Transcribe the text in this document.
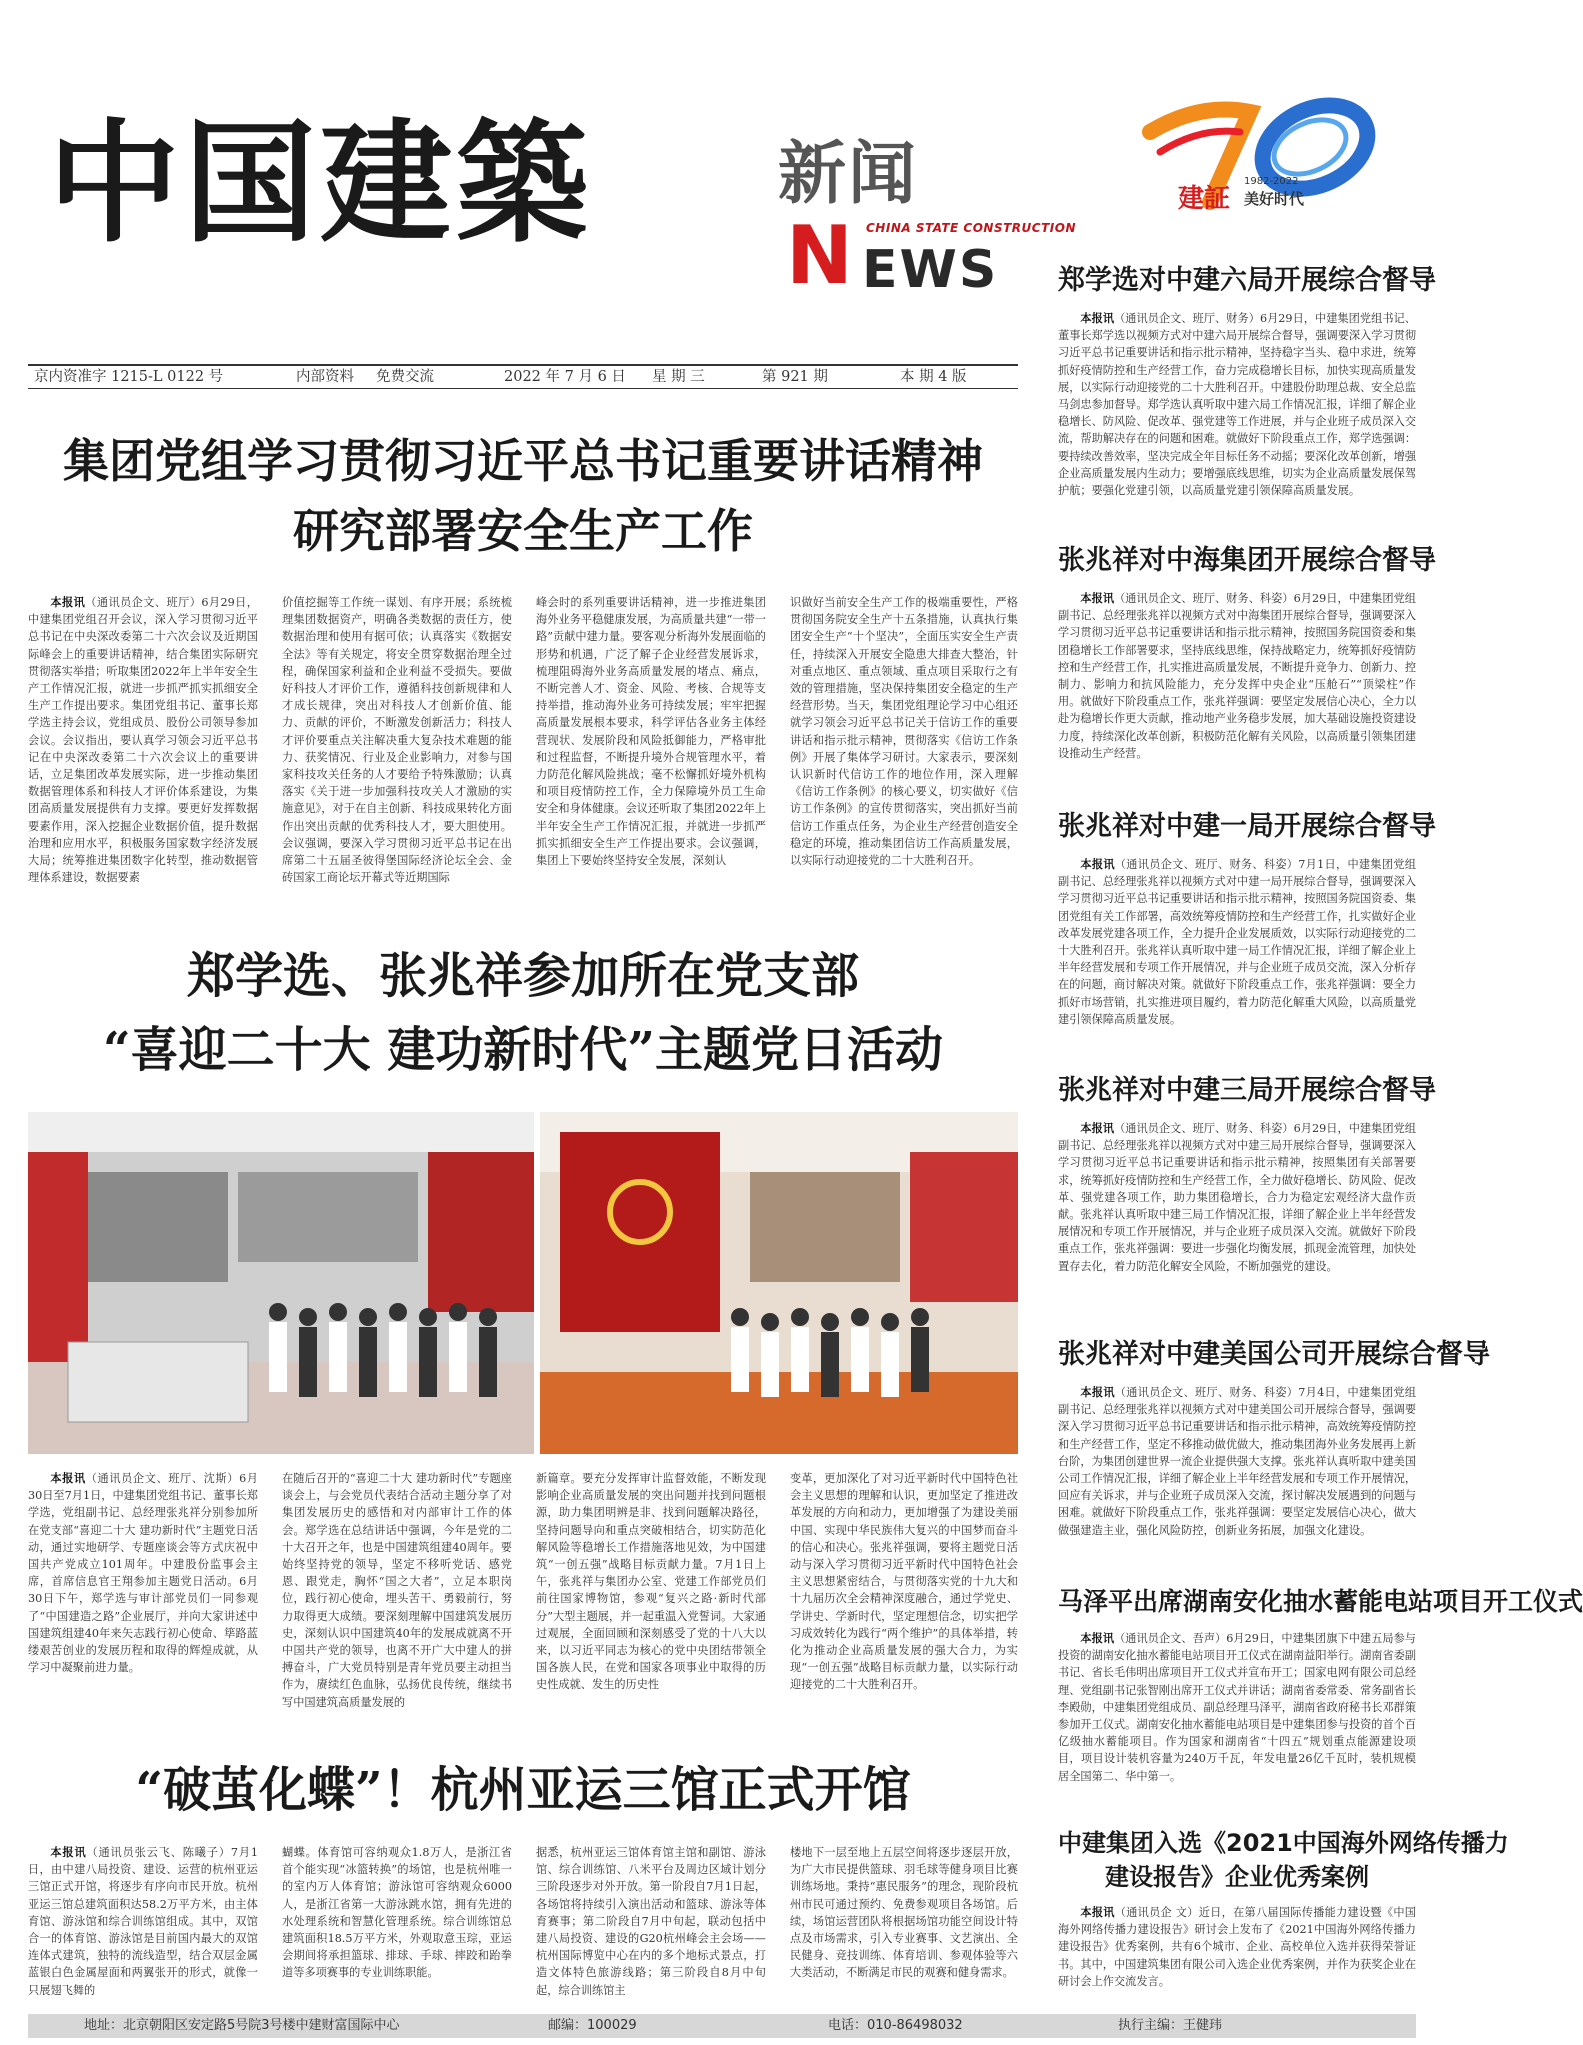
中国建築	新闻
CHINA STATE CONSTRUCTION
N EWS
建証
1982-2022
美好时代
京内资准字 1215-L 0122 号	内部资料 免费交流	2022 年 7 月 6 日 星 期 三	第 921 期	本 期 4 版
集团党组学习贯彻习近平总书记重要讲话精神
研究部署安全生产工作

本报讯（通讯员企文、班厅）6月29日，中建集团党组召开会议，深入学习贯彻习近平总书记在中央深改委第二十六次会议及近期国际峰会上的重要讲话精神，结合集团实际研究贯彻落实举措；听取集团2022年上半年安全生产工作情况汇报，就进一步抓严抓实抓细安全生产工作提出要求。集团党组书记、董事长郑学选主持会议，党组成员、股份公司领导参加会议。会议指出，要认真学习领会习近平总书记在中央深改委第二十六次会议上的重要讲话，立足集团改革发展实际，进一步推动集团数据管理体系和科技人才评价体系建设，为集团高质量发展提供有力支撑。要更好发挥数据要素作用，深入挖掘企业数据价值，提升数据治理和应用水平，积极服务国家数字经济发展大局；统筹推进集团数字化转型，推动数据管理体系建设，数据要素

价值挖掘等工作统一谋划、有序开展；系统梳理集团数据资产，明确各类数据的责任方，使数据治理和使用有据可依；认真落实《数据安全法》等有关规定，将安全贯穿数据治理全过程，确保国家利益和企业利益不受损失。要做好科技人才评价工作，遵循科技创新规律和人才成长规律，突出对科技人才创新价值、能力、贡献的评价，不断激发创新活力；科技人才评价要重点关注解决重大复杂技术难题的能力、获奖情况、行业及企业影响力，对参与国家科技攻关任务的人才要给予特殊激励；认真落实《关于进一步加强科技攻关人才激励的实施意见》，对于在自主创新、科技成果转化方面作出突出贡献的优秀科技人才，要大胆使用。会议强调，要深入学习贯彻习近平总书记在出席第二十五届圣彼得堡国际经济论坛全会、金砖国家工商论坛开幕式等近期国际

峰会时的系列重要讲话精神，进一步推进集团海外业务平稳健康发展，为高质量共建“一带一路”贡献中建力量。要客观分析海外发展面临的形势和机遇，广泛了解子企业经营发展诉求，梳理阻碍海外业务高质量发展的堵点、痛点，不断完善人才、资金、风险、考核、合规等支持举措，推动海外业务可持续发展；牢牢把握高质量发展根本要求，科学评估各业务主体经营现状、发展阶段和风险抵御能力，严格审批和过程监督，不断提升境外合规管理水平，着力防范化解风险挑战；毫不松懈抓好境外机构和项目疫情防控工作，全力保障境外员工生命安全和身体健康。会议还听取了集团2022年上半年安全生产工作情况汇报，并就进一步抓严抓实抓细安全生产工作提出要求。会议强调，集团上下要始终坚持安全发展，深刻认

识做好当前安全生产工作的极端重要性，严格贯彻国务院安全生产十五条措施，认真执行集团安全生产“十个坚决”，全面压实安全生产责任，持续深入开展安全隐患大排查大整治，针对重点地区、重点领域、重点项目采取行之有效的管理措施，坚决保持集团安全稳定的生产经营形势。当天，集团党组理论学习中心组还就学习领会习近平总书记关于信访工作的重要讲话和指示批示精神，贯彻落实《信访工作条例》开展了集体学习研讨。大家表示，要深刻认识新时代信访工作的地位作用，深入理解《信访工作条例》的核心要义，切实做好《信访工作条例》的宣传贯彻落实，突出抓好当前信访工作重点任务，为企业生产经营创造安全稳定的环境，推动集团信访工作高质量发展，以实际行动迎接党的二十大胜利召开。

郑学选、张兆祥参加所在党支部
“喜迎二十大 建功新时代”主题党日活动

本报讯（通讯员企文、班厅、沈斯）6月30日至7月1日，中建集团党组书记、董事长郑学选，党组副书记、总经理张兆祥分别参加所在党支部“喜迎二十大 建功新时代”主题党日活动，通过实地研学、专题座谈会等方式庆祝中国共产党成立101周年。中建股份监事会主席，首席信息官王翔参加主题党日活动。6月30日下午，郑学选与审计部党员们一同参观了“中国建造之路”企业展厅，并向大家讲述中国建筑组建40年来矢志践行初心使命、筚路蓝缕艰苦创业的发展历程和取得的辉煌成就，从学习中凝聚前进力量。

在随后召开的“喜迎二十大 建功新时代”专题座谈会上，与会党员代表结合活动主题分享了对集团发展历史的感悟和对内部审计工作的体会。郑学选在总结讲话中强调，今年是党的二十大召开之年，也是中国建筑组建40周年。要始终坚持党的领导，坚定不移听党话、感党恩、跟党走，胸怀“国之大者”，立足本职岗位，践行初心使命，埋头苦干、勇毅前行，努力取得更大成绩。要深刻理解中国建筑发展历史，深刻认识中国建筑40年的发展成就离不开中国共产党的领导，也离不开广大中建人的拼搏奋斗，广大党员特别是青年党员要主动担当作为，赓续红色血脉，弘扬优良传统，继续书写中国建筑高质量发展的

新篇章。要充分发挥审计监督效能，不断发现影响企业高质量发展的突出问题并找到问题根源，助力集团明辨是非、找到问题解决路径，坚持问题导向和重点突破相结合，切实防范化解风险等稳增长工作措施落地见效，为中国建筑“一创五强”战略目标贡献力量。7月1日上午，张兆祥与集团办公室、党建工作部党员们前往国家博物馆，参观“复兴之路·新时代部分”大型主题展，并一起重温入党誓词。大家通过观展，全面回顾和深刻感受了党的十八大以来，以习近平同志为核心的党中央团结带领全国各族人民，在党和国家各项事业中取得的历史性成就、发生的历史性

变革，更加深化了对习近平新时代中国特色社会主义思想的理解和认识，更加坚定了推进改革发展的方向和动力，更加增强了为建设美丽中国、实现中华民族伟大复兴的中国梦而奋斗的信心和决心。张兆祥强调，要将主题党日活动与深入学习贯彻习近平新时代中国特色社会主义思想紧密结合，与贯彻落实党的十九大和十九届历次全会精神深度融合，通过学党史、学讲史、学新时代，坚定理想信念，切实把学习成效转化为践行“两个维护”的具体举措，转化为推动企业高质量发展的强大合力，为实现“一创五强”战略目标贡献力量，以实际行动迎接党的二十大胜利召开。

“破茧化蝶”！杭州亚运三馆正式开馆

本报讯（通讯员张云飞、陈曦子）7月1日，由中建八局投资、建设、运营的杭州亚运三馆正式开馆，将逐步有序向市民开放。杭州亚运三馆总建筑面积达58.2万平方米，由主体育馆、游泳馆和综合训练馆组成。其中，双馆合一的体育馆、游泳馆是目前国内最大的双馆连体式建筑，独特的流线造型，结合双层金属蓝银白色金属屋面和两翼张开的形式，就像一只展翅飞舞的

蝴蝶。体育馆可容纳观众1.8万人，是浙江省首个能实现“冰篮转换”的场馆，也是杭州唯一的室内万人体育馆；游泳馆可容纳观众6000人，是浙江省第一大游泳跳水馆，拥有先进的水处理系统和智慧化管理系统。综合训练馆总建筑面积18.5万平方米，外观取意玉琮，亚运会期间将承担篮球、排球、手球、摔跤和跆拳道等多项赛事的专业训练职能。

据悉，杭州亚运三馆体育馆主馆和副馆、游泳馆、综合训练馆、八米平台及周边区域计划分三阶段逐步对外开放。第一阶段自7月1日起，各场馆将持续引入演出活动和篮球、游泳等体育赛事；第二阶段自7月中旬起，联动包括中建八局投资、建设的G20杭州峰会主会场——杭州国际博览中心在内的多个地标式景点，打造文体特色旅游线路；第三阶段自8月中旬起，综合训练馆主

楼地下一层至地上五层空间将逐步逐层开放，为广大市民提供篮球、羽毛球等健身项目比赛训练场地。秉持“惠民服务”的理念，现阶段杭州市民可通过预约、免费参观项目各场馆。后续，场馆运营团队将根据场馆功能空间设计特点及市场需求，引入专业赛事、文艺演出、全民健身、竞技训练、体育培训、参观体验等六大类活动，不断满足市民的观赛和健身需求。

郑学选对中建六局开展综合督导

本报讯（通讯员企文、班厅、财务）6月29日，中建集团党组书记、董事长郑学选以视频方式对中建六局开展综合督导，强调要深入学习贯彻习近平总书记重要讲话和指示批示精神，坚持稳字当头、稳中求进，统筹抓好疫情防控和生产经营工作，奋力完成稳增长目标，加快实现高质量发展，以实际行动迎接党的二十大胜利召开。中建股份助理总裁、安全总监马剑忠参加督导。郑学选认真听取中建六局工作情况汇报，详细了解企业稳增长、防风险、促改革、强党建等工作进展，并与企业班子成员深入交流，帮助解决存在的问题和困难。就做好下阶段重点工作，郑学选强调：要持续改善效率，坚决完成全年目标任务不动摇；要深化改革创新，增强企业高质量发展内生动力；要增强底线思维，切实为企业高质量发展保驾护航；要强化党建引领，以高质量党建引领保障高质量发展。

张兆祥对中海集团开展综合督导

本报讯（通讯员企文、班厅、财务、科姿）6月29日，中建集团党组副书记、总经理张兆祥以视频方式对中海集团开展综合督导，强调要深入学习贯彻习近平总书记重要讲话和指示批示精神，按照国务院国资委和集团稳增长工作部署要求，坚持底线思维，保持战略定力，统筹抓好疫情防控和生产经营工作，扎实推进高质量发展，不断提升竞争力、创新力、控制力、影响力和抗风险能力，充分发挥中央企业“压舱石”“顶梁柱”作用。就做好下阶段重点工作，张兆祥强调：要坚定发展信心决心，全力以赴为稳增长作更大贡献，推动地产业务稳步发展，加大基础设施投资建设力度，持续深化改革创新，积极防范化解有关风险，以高质量引领集团建设推动生产经营。

张兆祥对中建一局开展综合督导

本报讯（通讯员企文、班厅、财务、科姿）7月1日，中建集团党组副书记、总经理张兆祥以视频方式对中建一局开展综合督导，强调要深入学习贯彻习近平总书记重要讲话和指示批示精神，按照国务院国资委、集团党组有关工作部署，高效统筹疫情防控和生产经营工作，扎实做好企业改革发展党建各项工作，全力提升企业发展质效，以实际行动迎接党的二十大胜利召开。张兆祥认真听取中建一局工作情况汇报，详细了解企业上半年经营发展和专项工作开展情况，并与企业班子成员交流，深入分析存在的问题，商讨解决对策。就做好下阶段重点工作，张兆祥强调：要全力抓好市场营销，扎实推进项目履约，着力防范化解重大风险，以高质量党建引领保障高质量发展。

张兆祥对中建三局开展综合督导

本报讯（通讯员企文、班厅、财务、科姿）6月29日，中建集团党组副书记、总经理张兆祥以视频方式对中建三局开展综合督导，强调要深入学习贯彻习近平总书记重要讲话和指示批示精神，按照集团有关部署要求，统筹抓好疫情防控和生产经营工作，全力做好稳增长、防风险、促改革、强党建各项工作，助力集团稳增长，合力为稳定宏观经济大盘作贡献。张兆祥认真听取中建三局工作情况汇报，详细了解企业上半年经营发展情况和专项工作开展情况，并与企业班子成员深入交流。就做好下阶段重点工作，张兆祥强调：要进一步强化均衡发展，抓现金流管理，加快处置存去化，着力防范化解安全风险，不断加强党的建设。

张兆祥对中建美国公司开展综合督导

本报讯（通讯员企文、班厅、财务、科姿）7月4日，中建集团党组副书记、总经理张兆祥以视频方式对中建美国公司开展综合督导，强调要深入学习贯彻习近平总书记重要讲话和指示批示精神，高效统筹疫情防控和生产经营工作，坚定不移推动做优做大，推动集团海外业务发展再上新台阶，为集团创建世界一流企业提供强大支撑。张兆祥认真听取中建美国公司工作情况汇报，详细了解企业上半年经营发展和专项工作开展情况，回应有关诉求，并与企业班子成员深入交流，探讨解决发展遇到的问题与困难。就做好下阶段重点工作，张兆祥强调：要坚定发展信心决心，做大做强建造主业，强化风险防控，创新业务拓展，加强文化建设。

马泽平出席湖南安化抽水蓄能电站项目开工仪式

本报讯（通讯员企文、吾声）6月29日，中建集团旗下中建五局参与投资的湖南安化抽水蓄能电站项目开工仪式在湖南益阳举行。湖南省委副书记、省长毛伟明出席项目开工仪式并宣布开工；国家电网有限公司总经理、党组副书记张智刚出席开工仪式并讲话；湖南省委常委、常务副省长李殿勋，中建集团党组成员、副总经理马泽平，湖南省政府秘书长邓群策参加开工仪式。湖南安化抽水蓄能电站项目是中建集团参与投资的首个百亿级抽水蓄能项目。作为国家和湖南省“十四五”规划重点能源建设项目，项目设计装机容量为240万千瓦，年发电量26亿千瓦时，装机规模居全国第二、华中第一。

中建集团入选《2021中国海外网络传播力
建设报告》企业优秀案例

本报讯（通讯员企 文）近日，在第八届国际传播能力建设暨《中国海外网络传播力建设报告》研讨会上发布了《2021中国海外网络传播力建设报告》优秀案例，共有6个城市、企业、高校单位入选并获得荣誉证书。其中，中国建筑集团有限公司入选企业优秀案例，并作为获奖企业在研讨会上作交流发言。

地址：北京朝阳区安定路5号院3号楼中建财富国际中心	邮编：100029	电话：010-86498032	执行主编：王健玮
